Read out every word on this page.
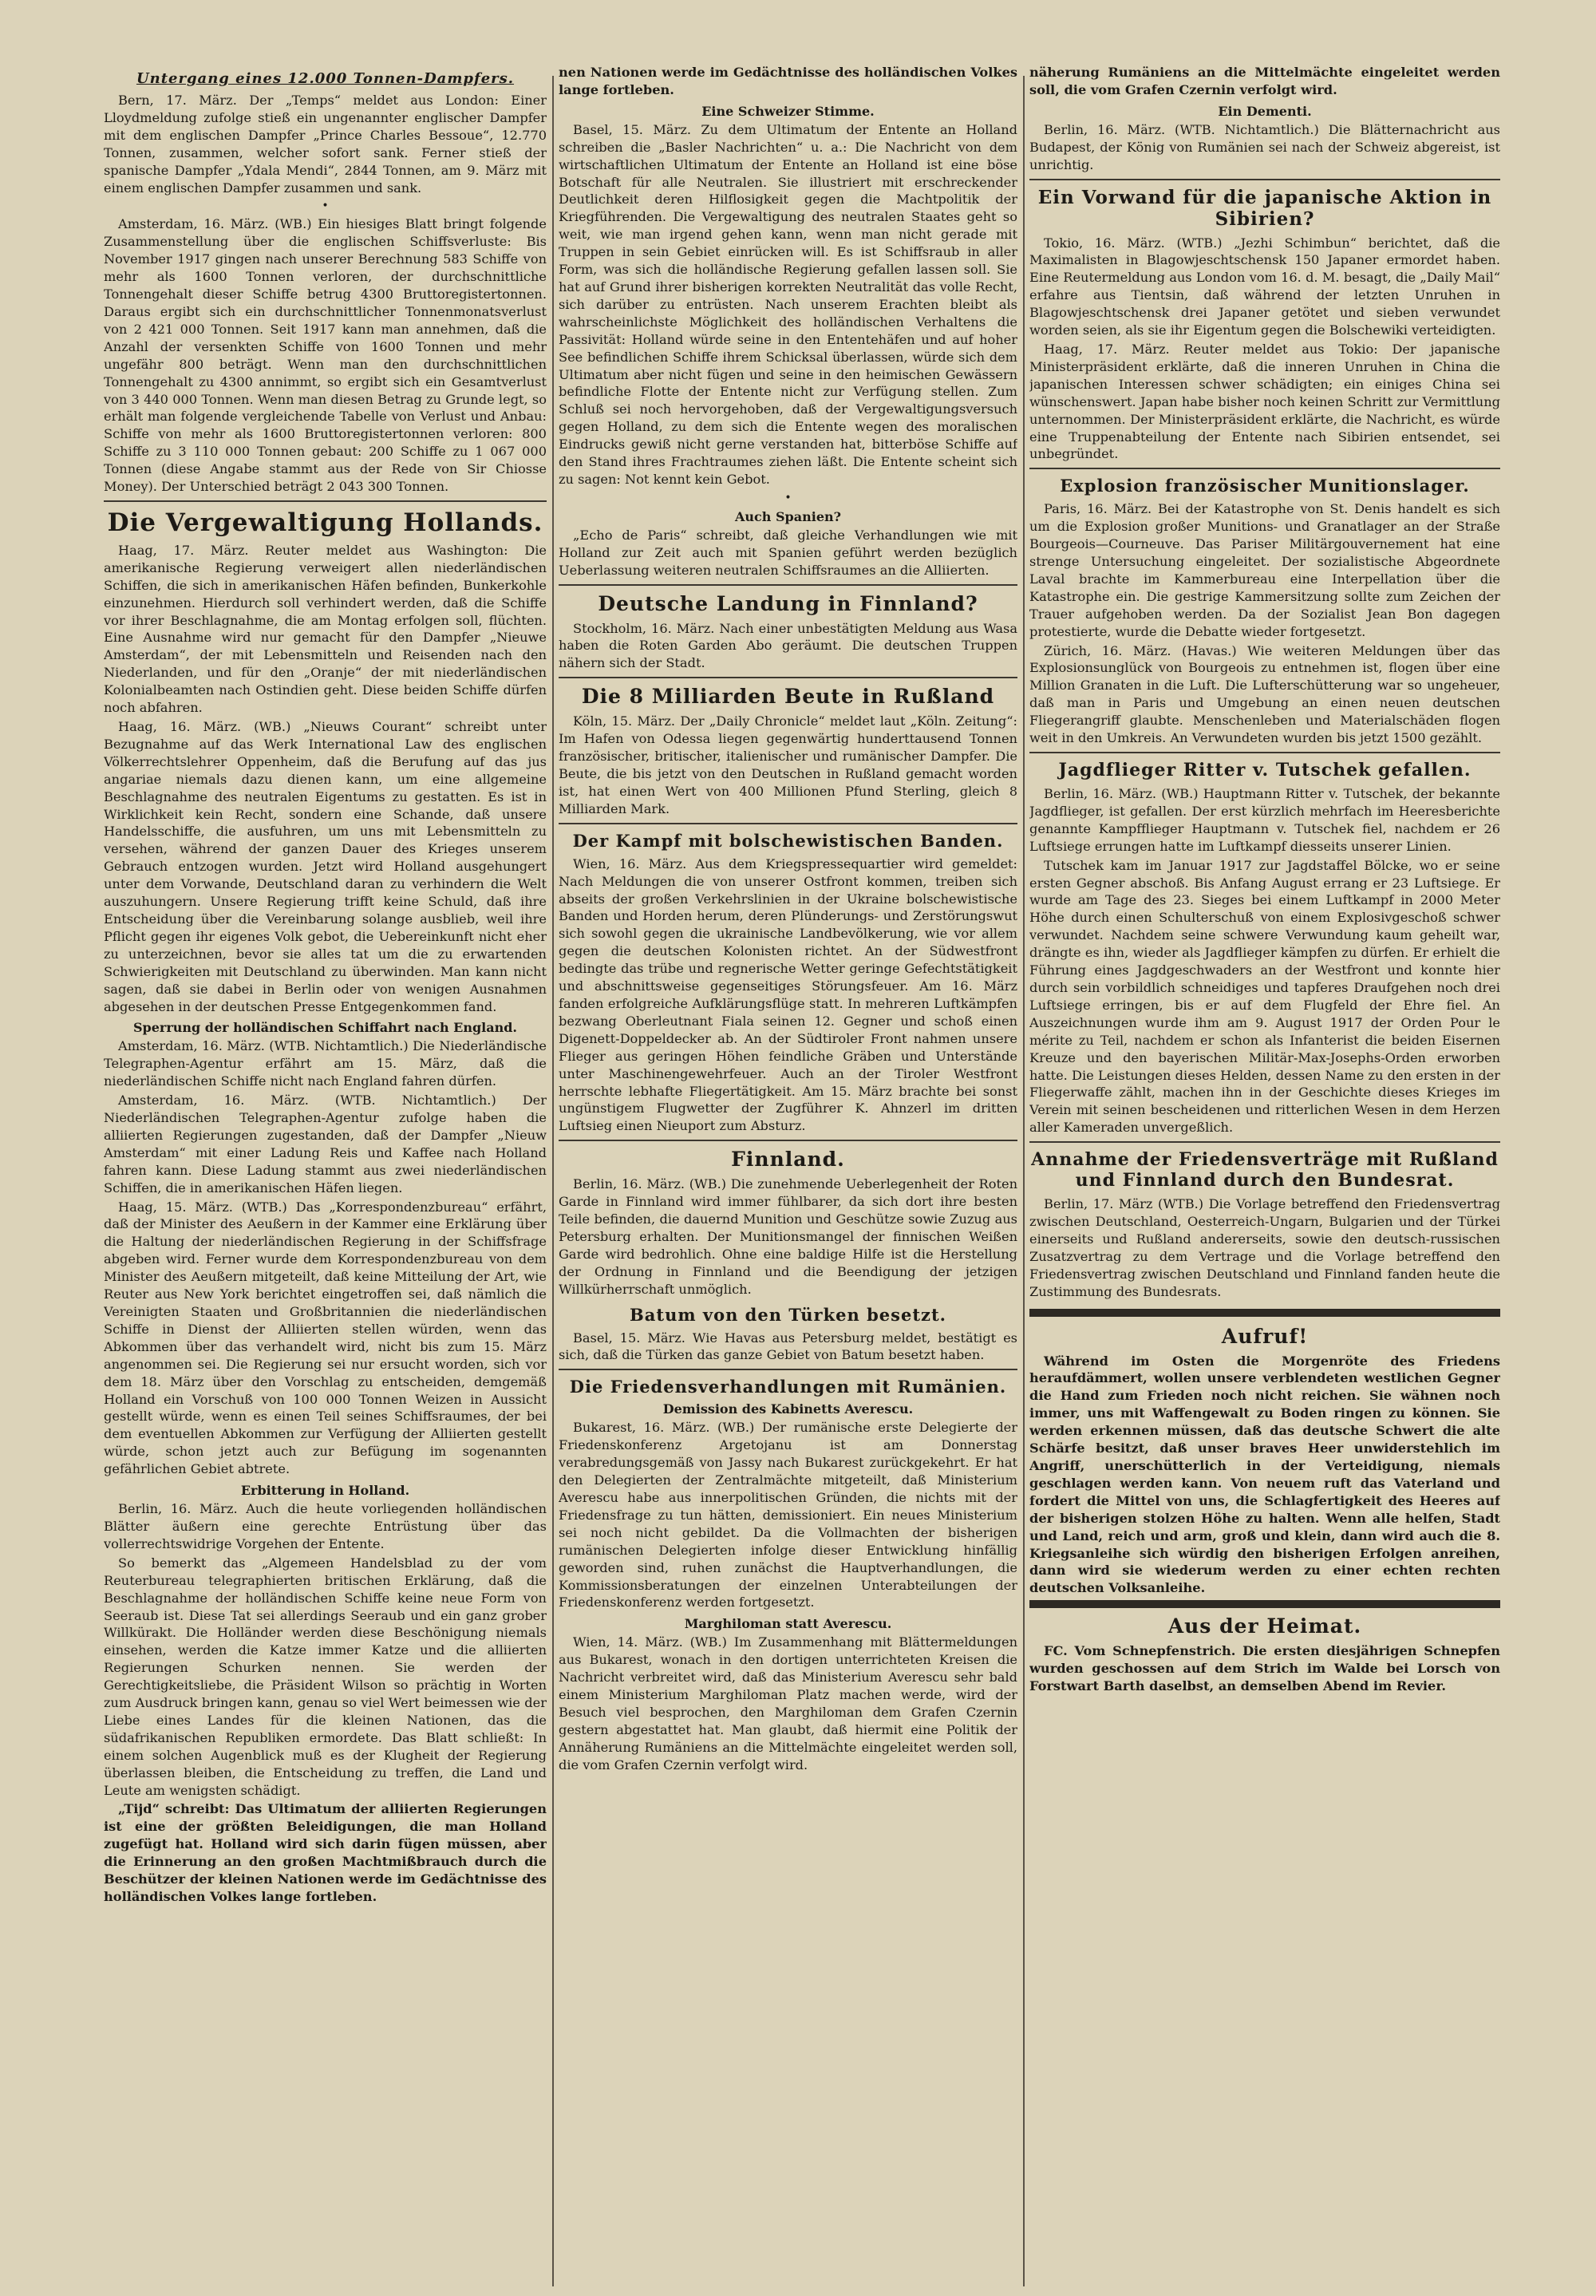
Untergang eines 12.000 Tonnen-Dampfers.

Bern, 17. März. Der „Temps“ meldet aus London: Einer Lloydmeldung zufolge stieß ein ungenannter englischer Dampfer mit dem englischen Dampfer „Prince Charles Bessoue“, 12.770 Tonnen, zusammen, welcher sofort sank. Ferner stieß der spanische Dampfer „Ydala Mendi“, 2844 Tonnen, am 9. März mit einem englischen Dampfer zusammen und sank.

•

Amsterdam, 16. März. (WB.) Ein hiesiges Blatt bringt folgende Zusammenstellung über die englischen Schiffsverluste: Bis November 1917 gingen nach unserer Berechnung 583 Schiffe von mehr als 1600 Tonnen verloren, der durchschnittliche Tonnengehalt dieser Schiffe betrug 4300 Bruttoregistertonnen. Daraus ergibt sich ein durchschnittlicher Tonnenmonatsverlust von 2 421 000 Tonnen. Seit 1917 kann man annehmen, daß die Anzahl der versenkten Schiffe von 1600 Tonnen und mehr ungefähr 800 beträgt. Wenn man den durchschnittlichen Tonnengehalt zu 4300 annimmt, so ergibt sich ein Gesamtverlust von 3 440 000 Tonnen. Wenn man diesen Betrag zu Grunde legt, so erhält man folgende vergleichende Tabelle von Verlust und Anbau: Schiffe von mehr als 1600 Bruttoregistertonnen verloren: 800 Schiffe zu 3 110 000 Tonnen gebaut: 200 Schiffe zu 1 067 000 Tonnen (diese Angabe stammt aus der Rede von Sir Chiosse Money). Der Unterschied beträgt 2 043 300 Tonnen.

Die Vergewaltigung Hollands.

Haag, 17. März. Reuter meldet aus Washington: Die amerikanische Regierung verweigert allen niederländischen Schiffen, die sich in amerikanischen Häfen befinden, Bunkerkohle einzunehmen. Hierdurch soll verhindert werden, daß die Schiffe vor ihrer Beschlagnahme, die am Montag erfolgen soll, flüchten. Eine Ausnahme wird nur gemacht für den Dampfer „Nieuwe Amsterdam“, der mit Lebensmitteln und Reisenden nach den Niederlanden, und für den „Oranje“ der mit niederländischen Kolonialbeamten nach Ostindien geht. Diese beiden Schiffe dürfen noch abfahren.

Haag, 16. März. (WB.) „Nieuws Courant“ schreibt unter Bezugnahme auf das Werk International Law des englischen Völkerrechtslehrer Oppenheim, daß die Berufung auf das jus angariae niemals dazu dienen kann, um eine allgemeine Beschlagnahme des neutralen Eigentums zu gestatten. Es ist in Wirklichkeit kein Recht, sondern eine Schande, daß unsere Handelsschiffe, die ausfuhren, um uns mit Lebensmitteln zu versehen, während der ganzen Dauer des Krieges unserem Gebrauch entzogen wurden. Jetzt wird Holland ausgehungert unter dem Vorwande, Deutschland daran zu verhindern die Welt auszuhungern. Unsere Regierung trifft keine Schuld, daß ihre Entscheidung über die Vereinbarung solange ausblieb, weil ihre Pflicht gegen ihr eigenes Volk gebot, die Uebereinkunft nicht eher zu unterzeichnen, bevor sie alles tat um die zu erwartenden Schwierigkeiten mit Deutschland zu überwinden. Man kann nicht sagen, daß sie dabei in Berlin oder von wenigen Ausnahmen abgesehen in der deutschen Presse Entgegenkommen fand.

Sperrung der holländischen Schiffahrt nach England.

Amsterdam, 16. März. (WTB. Nichtamtlich.) Die Niederländische Telegraphen-Agentur erfährt am 15. März, daß die niederländischen Schiffe nicht nach England fahren dürfen.

Amsterdam, 16. März. (WTB. Nichtamtlich.) Der Niederländischen Telegraphen-Agentur zufolge haben die alliierten Regierungen zugestanden, daß der Dampfer „Nieuw Amsterdam“ mit einer Ladung Reis und Kaffee nach Holland fahren kann. Diese Ladung stammt aus zwei niederländischen Schiffen, die in amerikanischen Häfen liegen.

Haag, 15. März. (WTB.) Das „Korrespondenzbureau“ erfährt, daß der Minister des Aeußern in der Kammer eine Erklärung über die Haltung der niederländischen Regierung in der Schiffsfrage abgeben wird. Ferner wurde dem Korrespondenzbureau von dem Minister des Aeußern mitgeteilt, daß keine Mitteilung der Art, wie Reuter aus New York berichtet eingetroffen sei, daß nämlich die Vereinigten Staaten und Großbritannien die niederländischen Schiffe in Dienst der Alliierten stellen würden, wenn das Abkommen über das verhandelt wird, nicht bis zum 15. März angenommen sei. Die Regierung sei nur ersucht worden, sich vor dem 18. März über den Vorschlag zu entscheiden, demgemäß Holland ein Vorschuß von 100 000 Tonnen Weizen in Aussicht gestellt würde, wenn es einen Teil seines Schiffsraumes, der bei dem eventuellen Abkommen zur Verfügung der Alliierten gestellt würde, schon jetzt auch zur Befügung im sogenannten gefährlichen Gebiet abtrete.

Erbitterung in Holland.

Berlin, 16. März. Auch die heute vorliegenden holländischen Blätter äußern eine gerechte Entrüstung über das vollerrechtswidrige Vorgehen der Entente.

So bemerkt das „Algemeen Handelsblad zu der vom Reuterbureau telegraphierten britischen Erklärung, daß die Beschlagnahme der holländischen Schiffe keine neue Form von Seeraub ist. Diese Tat sei allerdings Seeraub und ein ganz grober Willkürakt. Die Holländer werden diese Beschönigung niemals einsehen, werden die Katze immer Katze und die alliierten Regierungen Schurken nennen. Sie werden der Gerechtigkeitsliebe, die Präsident Wilson so prächtig in Worten zum Ausdruck bringen kann, genau so viel Wert beimessen wie der Liebe eines Landes für die kleinen Nationen, das die südafrikanischen Republiken ermordete. Das Blatt schließt: In einem solchen Augenblick muß es der Klugheit der Regierung überlassen bleiben, die Entscheidung zu treffen, die Land und Leute am wenigsten schädigt.

„Tijd“ schreibt: Das Ultimatum der alliierten Regierungen ist eine der größten Beleidigungen, die man Holland zugefügt hat. Holland wird sich darin fügen müssen, aber die Erinnerung an den großen Machtmißbrauch durch die Beschützer der kleinen Nationen werde im Gedächtnisse des holländischen Volkes lange fortleben.

nen Nationen werde im Gedächtnisse des holländischen Volkes lange fortleben.

Eine Schweizer Stimme.

Basel, 15. März. Zu dem Ultimatum der Entente an Holland schreiben die „Basler Nachrichten“ u. a.: Die Nachricht von dem wirtschaftlichen Ultimatum der Entente an Holland ist eine böse Botschaft für alle Neutralen. Sie illustriert mit erschreckender Deutlichkeit deren Hilflosigkeit gegen die Machtpolitik der Kriegführenden. Die Vergewaltigung des neutralen Staates geht so weit, wie man irgend gehen kann, wenn man nicht gerade mit Truppen in sein Gebiet einrücken will. Es ist Schiffsraub in aller Form, was sich die holländische Regierung gefallen lassen soll. Sie hat auf Grund ihrer bisherigen korrekten Neutralität das volle Recht, sich darüber zu entrüsten. Nach unserem Erachten bleibt als wahrscheinlichste Möglichkeit des holländischen Verhaltens die Passivität: Holland würde seine in den Ententehäfen und auf hoher See befindlichen Schiffe ihrem Schicksal überlassen, würde sich dem Ultimatum aber nicht fügen und seine in den heimischen Gewässern befindliche Flotte der Entente nicht zur Verfügung stellen. Zum Schluß sei noch hervorgehoben, daß der Vergewaltigungsversuch gegen Holland, zu dem sich die Entente wegen des moralischen Eindrucks gewiß nicht gerne verstanden hat, bitterböse Schiffe auf den Stand ihres Frachtraumes ziehen läßt. Die Entente scheint sich zu sagen: Not kennt kein Gebot.

•
Auch Spanien?

„Echo de Paris“ schreibt, daß gleiche Verhandlungen wie mit Holland zur Zeit auch mit Spanien geführt werden bezüglich Ueberlassung weiteren neutralen Schiffsraumes an die Alliierten.

Deutsche Landung in Finnland?

Stockholm, 16. März. Nach einer unbestätigten Meldung aus Wasa haben die Roten Garden Abo geräumt. Die deutschen Truppen nähern sich der Stadt.

Die 8 Milliarden Beute in Rußland

Köln, 15. März. Der „Daily Chronicle“ meldet laut „Köln. Zeitung“: Im Hafen von Odessa liegen gegenwärtig hunderttausend Tonnen französischer, britischer, italienischer und rumänischer Dampfer. Die Beute, die bis jetzt von den Deutschen in Rußland gemacht worden ist, hat einen Wert von 400 Millionen Pfund Sterling, gleich 8 Milliarden Mark.

Der Kampf mit bolschewistischen Banden.

Wien, 16. März. Aus dem Kriegspressequartier wird gemeldet: Nach Meldungen die von unserer Ostfront kommen, treiben sich abseits der großen Verkehrslinien in der Ukraine bolschewistische Banden und Horden herum, deren Plünderungs- und Zerstörungswut sich sowohl gegen die ukrainische Landbevölkerung, wie vor allem gegen die deutschen Kolonisten richtet. An der Südwestfront bedingte das trübe und regnerische Wetter geringe Gefechtstätigkeit und abschnittsweise gegenseitiges Störungsfeuer. Am 16. März fanden erfolgreiche Aufklärungsflüge statt. In mehreren Luftkämpfen bezwang Oberleutnant Fiala seinen 12. Gegner und schoß einen Digenett-Doppeldecker ab. An der Südtiroler Front nahmen unsere Flieger aus geringen Höhen feindliche Gräben und Unterstände unter Maschinengewehrfeuer. Auch an der Tiroler Westfront herrschte lebhafte Fliegertätigkeit. Am 15. März brachte bei sonst ungünstigem Flugwetter der Zugführer K. Ahnzerl im dritten Luftsieg einen Nieuport zum Absturz.

Finnland.

Berlin, 16. März. (WB.) Die zunehmende Ueberlegenheit der Roten Garde in Finnland wird immer fühlbarer, da sich dort ihre besten Teile befinden, die dauernd Munition und Geschütze sowie Zuzug aus Petersburg erhalten. Der Munitionsmangel der finnischen Weißen Garde wird bedrohlich. Ohne eine baldige Hilfe ist die Herstellung der Ordnung in Finnland und die Beendigung der jetzigen Willkürherrschaft unmöglich.

Batum von den Türken besetzt.

Basel, 15. März. Wie Havas aus Petersburg meldet, bestätigt es sich, daß die Türken das ganze Gebiet von Batum besetzt haben.

Die Friedensverhandlungen mit Rumänien.
Demission des Kabinetts Averescu.

Bukarest, 16. März. (WB.) Der rumänische erste Delegierte der Friedenskonferenz Argetojanu ist am Donnerstag verabredungsgemäß von Jassy nach Bukarest zurückgekehrt. Er hat den Delegierten der Zentralmächte mitgeteilt, daß Ministerium Averescu habe aus innerpolitischen Gründen, die nichts mit der Friedensfrage zu tun hätten, demissioniert. Ein neues Ministerium sei noch nicht gebildet. Da die Vollmachten der bisherigen rumänischen Delegierten infolge dieser Entwicklung hinfällig geworden sind, ruhen zunächst die Hauptverhandlungen, die Kommissionsberatungen der einzelnen Unterabteilungen der Friedenskonferenz werden fortgesetzt.

Marghiloman statt Averescu.

Wien, 14. März. (WB.) Im Zusammenhang mit Blättermeldungen aus Bukarest, wonach in den dortigen unterrichteten Kreisen die Nachricht verbreitet wird, daß das Ministerium Averescu sehr bald einem Ministerium Marghiloman Platz machen werde, wird der Besuch viel besprochen, den Marghiloman dem Grafen Czernin gestern abgestattet hat. Man glaubt, daß hiermit eine Politik der Annäherung Rumäniens an die Mittelmächte eingeleitet werden soll, die vom Grafen Czernin verfolgt wird.

näherung Rumäniens an die Mittelmächte eingeleitet werden soll, die vom Grafen Czernin verfolgt wird.

Ein Dementi.

Berlin, 16. März. (WTB. Nichtamtlich.) Die Blätternachricht aus Budapest, der König von Rumänien sei nach der Schweiz abgereist, ist unrichtig.

Ein Vorwand für die japanische Aktion in Sibirien?

Tokio, 16. März. (WTB.) „Jezhi Schimbun“ berichtet, daß die Maximalisten in Blagowjeschtschensk 150 Japaner ermordet haben. Eine Reutermeldung aus London vom 16. d. M. besagt, die „Daily Mail“ erfahre aus Tientsin, daß während der letzten Unruhen in Blagowjeschtschensk drei Japaner getötet und sieben verwundet worden seien, als sie ihr Eigentum gegen die Bolschewiki verteidigten.

Haag, 17. März. Reuter meldet aus Tokio: Der japanische Ministerpräsident erklärte, daß die inneren Unruhen in China die japanischen Interessen schwer schädigten; ein einiges China sei wünschenswert. Japan habe bisher noch keinen Schritt zur Vermittlung unternommen. Der Ministerpräsident erklärte, die Nachricht, es würde eine Truppenabteilung der Entente nach Sibirien entsendet, sei unbegründet.

Explosion französischer Munitionslager.

Paris, 16. März. Bei der Katastrophe von St. Denis handelt es sich um die Explosion großer Munitions- und Granatlager an der Straße Bourgeois—Courneuve. Das Pariser Militärgouvernement hat eine strenge Untersuchung eingeleitet. Der sozialistische Abgeordnete Laval brachte im Kammerbureau eine Interpellation über die Katastrophe ein. Die gestrige Kammersitzung sollte zum Zeichen der Trauer aufgehoben werden. Da der Sozialist Jean Bon dagegen protestierte, wurde die Debatte wieder fortgesetzt.

Zürich, 16. März. (Havas.) Wie weiteren Meldungen über das Explosionsunglück von Bourgeois zu entnehmen ist, flogen über eine Million Granaten in die Luft. Die Lufterschütterung war so ungeheuer, daß man in Paris und Umgebung an einen neuen deutschen Fliegerangriff glaubte. Menschenleben und Materialschäden flogen weit in den Umkreis. An Verwundeten wurden bis jetzt 1500 gezählt.

Jagdflieger Ritter v. Tutschek gefallen.

Berlin, 16. März. (WB.) Hauptmann Ritter v. Tutschek, der bekannte Jagdflieger, ist gefallen. Der erst kürzlich mehrfach im Heeresberichte genannte Kampfflieger Hauptmann v. Tutschek fiel, nachdem er 26 Luftsiege errungen hatte im Luftkampf diesseits unserer Linien.

Tutschek kam im Januar 1917 zur Jagdstaffel Bölcke, wo er seine ersten Gegner abschoß. Bis Anfang August errang er 23 Luftsiege. Er wurde am Tage des 23. Sieges bei einem Luftkampf in 2000 Meter Höhe durch einen Schulterschuß von einem Explosivgeschoß schwer verwundet. Nachdem seine schwere Verwundung kaum geheilt war, drängte es ihn, wieder als Jagdflieger kämpfen zu dürfen. Er erhielt die Führung eines Jagdgeschwaders an der Westfront und konnte hier durch sein vorbildlich schneidiges und tapferes Draufgehen noch drei Luftsiege erringen, bis er auf dem Flugfeld der Ehre fiel. An Auszeichnungen wurde ihm am 9. August 1917 der Orden Pour le mérite zu Teil, nachdem er schon als Infanterist die beiden Eisernen Kreuze und den bayerischen Militär-Max-Josephs-Orden erworben hatte. Die Leistungen dieses Helden, dessen Name zu den ersten in der Fliegerwaffe zählt, machen ihn in der Geschichte dieses Krieges im Verein mit seinen bescheidenen und ritterlichen Wesen in dem Herzen aller Kameraden unvergeßlich.

Annahme der Friedensverträge mit Rußland und Finnland durch den Bundesrat.

Berlin, 17. März (WTB.) Die Vorlage betreffend den Friedensvertrag zwischen Deutschland, Oesterreich-Ungarn, Bulgarien und der Türkei einerseits und Rußland andererseits, sowie den deutsch-russischen Zusatzvertrag zu dem Vertrage und die Vorlage betreffend den Friedensvertrag zwischen Deutschland und Finnland fanden heute die Zustimmung des Bundesrats.

Aufruf!

Während im Osten die Morgenröte des Friedens heraufdämmert, wollen unsere verblendeten westlichen Gegner die Hand zum Frieden noch nicht reichen. Sie wähnen noch immer, uns mit Waffengewalt zu Boden ringen zu können. Sie werden erkennen müssen, daß das deutsche Schwert die alte Schärfe besitzt, daß unser braves Heer unwiderstehlich im Angriff, unerschütterlich in der Verteidigung, niemals geschlagen werden kann. Von neuem ruft das Vaterland und fordert die Mittel von uns, die Schlagfertigkeit des Heeres auf der bisherigen stolzen Höhe zu halten. Wenn alle helfen, Stadt und Land, reich und arm, groß und klein, dann wird auch die 8. Kriegsanleihe sich würdig den bisherigen Erfolgen anreihen, dann wird sie wiederum werden zu einer echten rechten deutschen Volksanleihe.

Aus der Heimat.

FC. Vom Schnepfenstrich. Die ersten diesjährigen Schnepfen wurden geschossen auf dem Strich im Walde bei Lorsch von Forstwart Barth daselbst, an demselben Abend im Revier.
